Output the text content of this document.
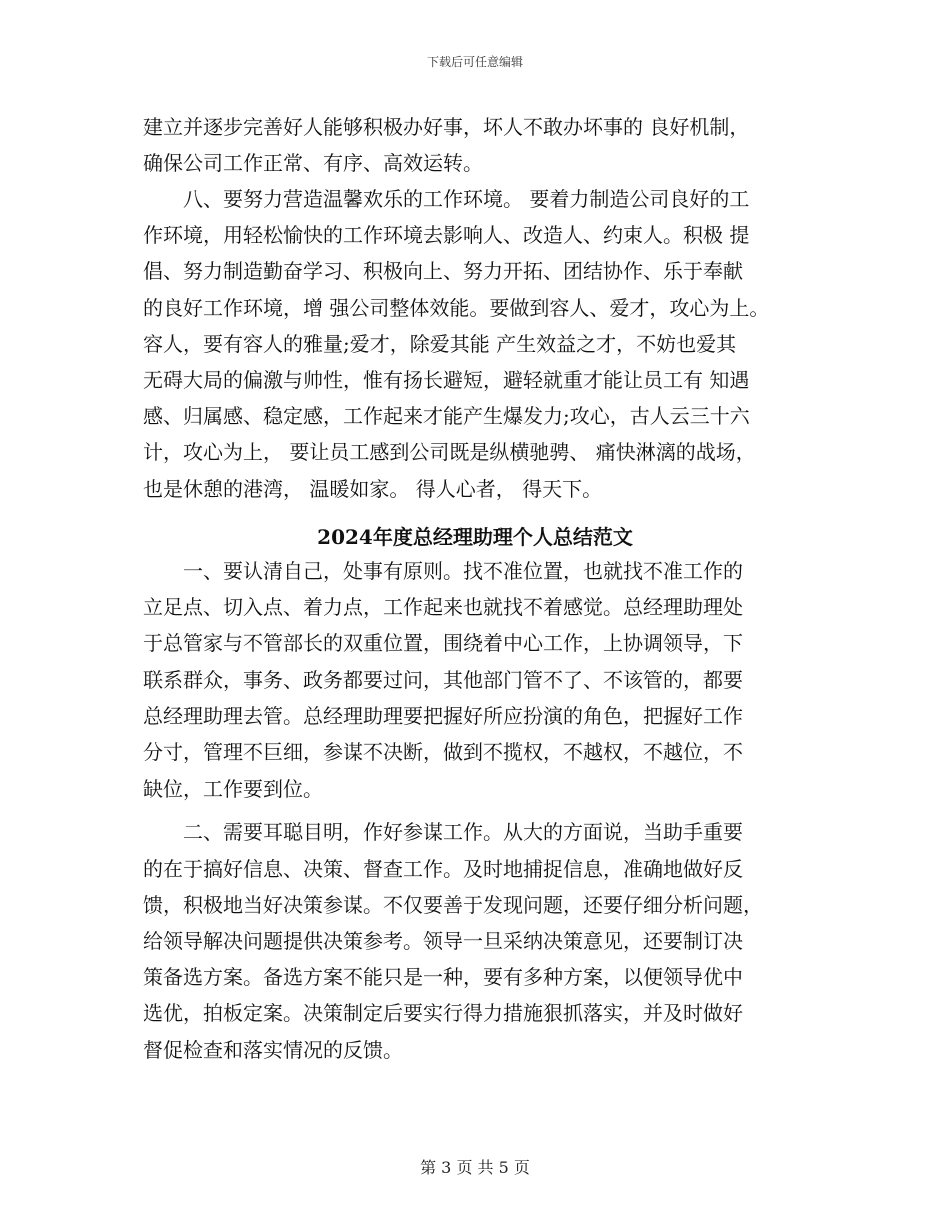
下载后可任意编辑
建立并逐步完善好人能够积极办好事，坏人不敢办坏事的 良好机制，
确保公司工作正常、有序、高效运转。
　　八、要努力营造温馨欢乐的工作环境。 要着力制造公司良好的工
作环境，用轻松愉快的工作环境去影响人、改造人、约束人。积极 提
倡、努力制造勤奋学习、积极向上、努力开拓、团结协作、乐于奉献
的良好工作环境，增 强公司整体效能。要做到容人、爱才，攻心为上。
容人，要有容人的雅量;爱才，除爱其能 产生效益之才，不妨也爱其
无碍大局的偏激与帅性，惟有扬长避短，避轻就重才能让员工有 知遇
感、归属感、稳定感，工作起来才能产生爆发力;攻心，古人云三十六
计，攻心为上， 要让员工感到公司既是纵横驰骋、 痛快淋漓的战场，
也是休憩的港湾， 温暖如家。 得人心者， 得天下。
2024年度总经理助理个人总结范文
　　一、要认清自己，处事有原则。找不准位置，也就找不准工作的
立足点、切入点、着力点，工作起来也就找不着感觉。总经理助理处
于总管家与不管部长的双重位置，围绕着中心工作，上协调领导，下
联系群众，事务、政务都要过问，其他部门管不了、不该管的，都要
总经理助理去管。总经理助理要把握好所应扮演的角色，把握好工作
分寸，管理不巨细，参谋不决断，做到不揽权，不越权，不越位，不
缺位，工作要到位。
　　二、需要耳聪目明，作好参谋工作。从大的方面说，当助手重要
的在于搞好信息、决策、督查工作。及时地捕捉信息，准确地做好反
馈，积极地当好决策参谋。不仅要善于发现问题，还要仔细分析问题，
给领导解决问题提供决策参考。领导一旦采纳决策意见，还要制订决
策备选方案。备选方案不能只是一种，要有多种方案，以便领导优中
选优，拍板定案。决策制定后要实行得力措施狠抓落实，并及时做好
督促检查和落实情况的反馈。
第 3 页 共 5 页
